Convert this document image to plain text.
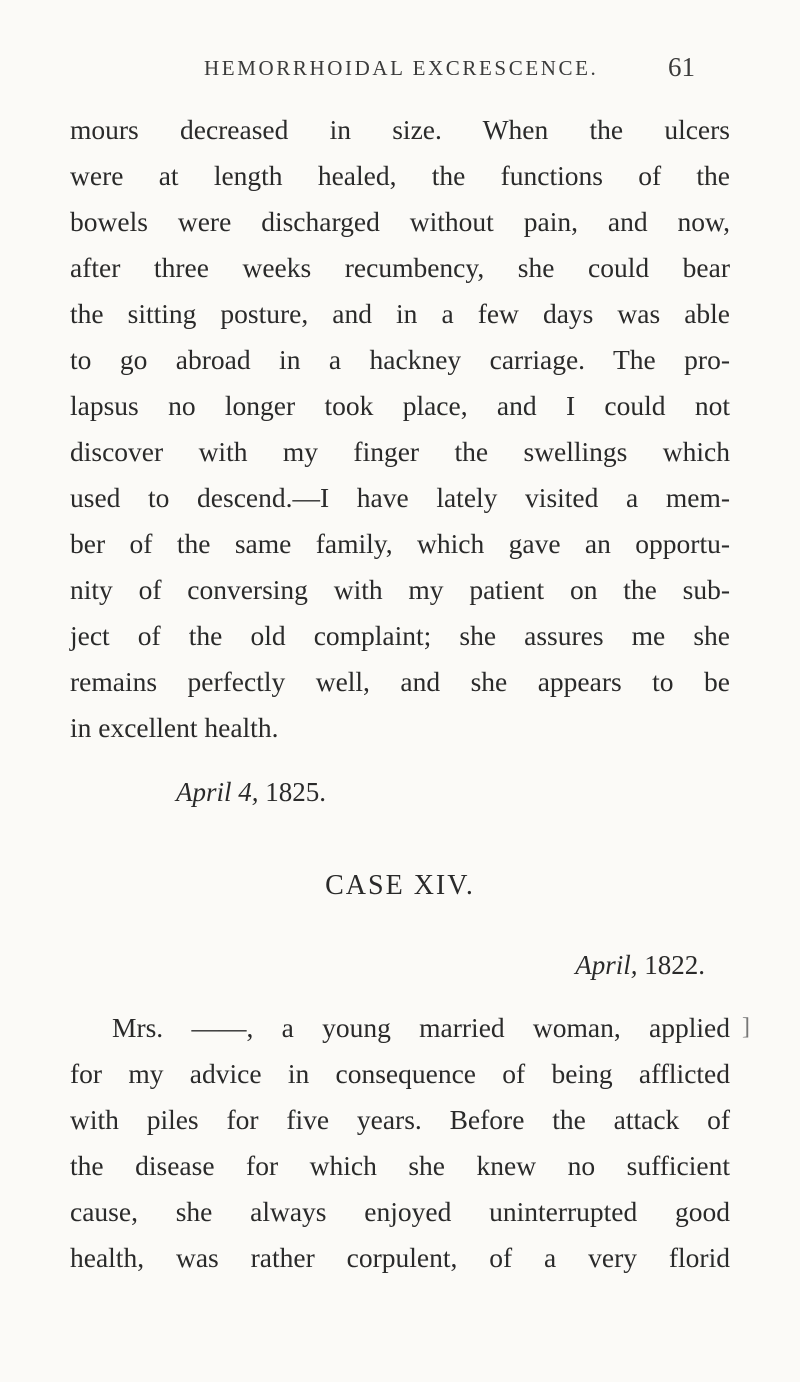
HEMORRHOIDAL EXCRESCENCE.	61
mours decreased in size. When the ulcers
were at length healed, the functions of the
bowels were discharged without pain, and now,
after three weeks recumbency, she could bear
the sitting posture, and in a few days was able
to go abroad in a hackney carriage. The pro-
lapsus no longer took place, and I could not
discover with my finger the swellings which
used to descend.—I have lately visited a mem-
ber of the same family, which gave an opportu-
nity of conversing with my patient on the sub-
ject of the old complaint; she assures me she
remains perfectly well, and she appears to be
in excellent health.
April 4, 1825.
CASE XIV.
April, 1822.
Mrs. ——, a young married woman, applied
for my advice in consequence of being afflicted
with piles for five years. Before the attack of
the disease for which she knew no sufficient
cause, she always enjoyed uninterrupted good
health, was rather corpulent, of a very florid
]
